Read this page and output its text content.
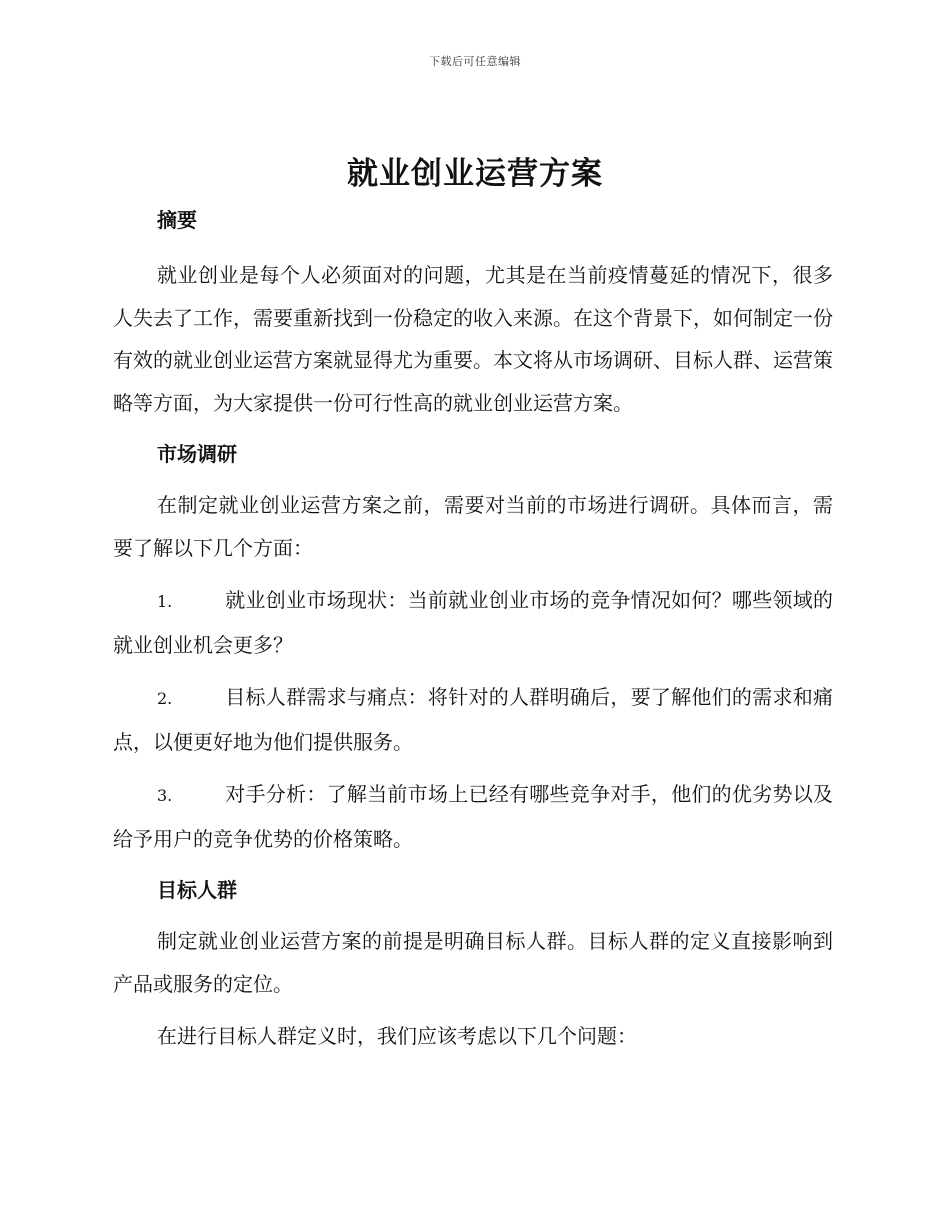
下载后可任意编辑
就业创业运营方案
摘要

就业创业是每个人必须面对的问题，尤其是在当前疫情蔓延的情况下，很多人失去了工作，需要重新找到一份稳定的收入来源。在这个背景下，如何制定一份有效的就业创业运营方案就显得尤为重要。本文将从市场调研、目标人群、运营策略等方面，为大家提供一份可行性高的就业创业运营方案。

市场调研

在制定就业创业运营方案之前，需要对当前的市场进行调研。具体而言，需要了解以下几个方面：

1.	就业创业市场现状：当前就业创业市场的竞争情况如何？哪些领域的就业创业机会更多？

2.	目标人群需求与痛点：将针对的人群明确后，要了解他们的需求和痛点，以便更好地为他们提供服务。

3.	对手分析：了解当前市场上已经有哪些竞争对手，他们的优劣势以及给予用户的竞争优势的价格策略。

目标人群

制定就业创业运营方案的前提是明确目标人群。目标人群的定义直接影响到产品或服务的定位。

在进行目标人群定义时，我们应该考虑以下几个问题：
